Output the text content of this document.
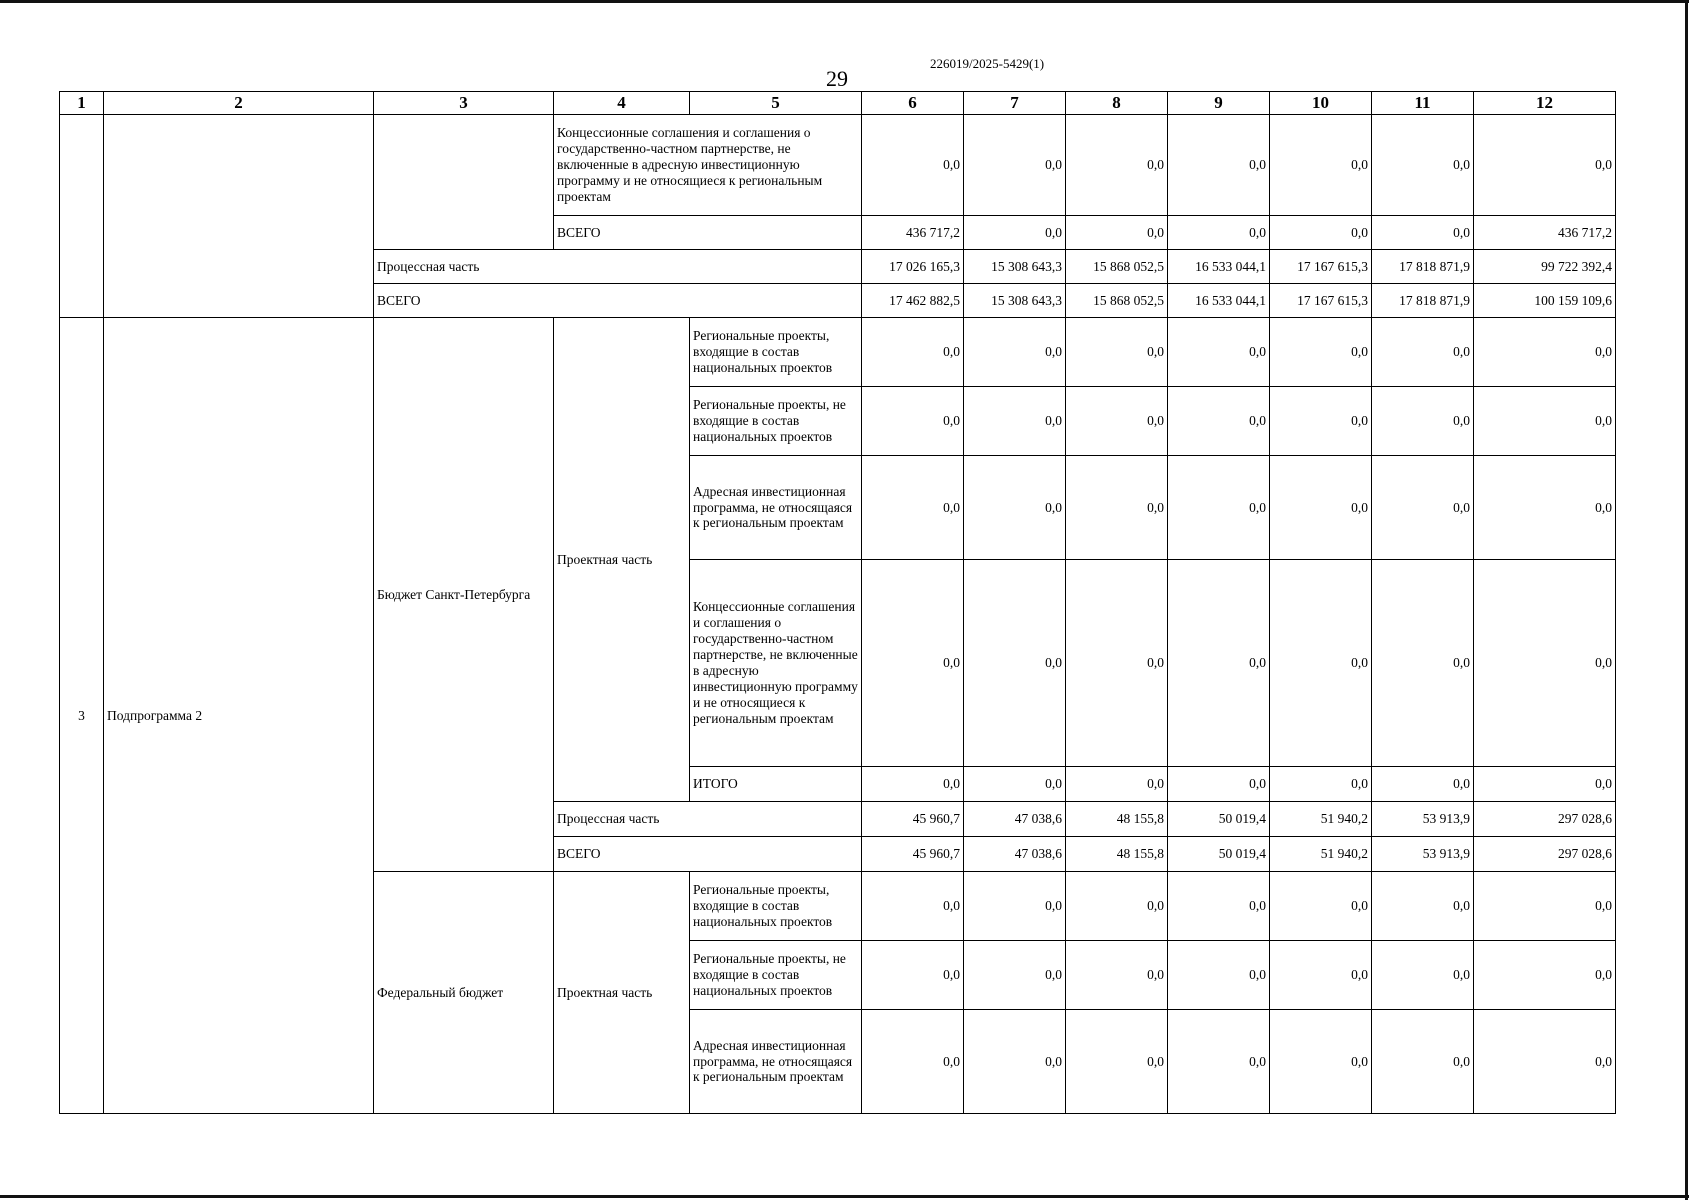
29
226019/2025-5429(1)
1	2	3	4	5	6	7	8	9	10	11	12
			Концессионные соглашения и соглашения о государственно-частном партнерстве, не включенные в адресную инвестиционную программу и не относящиеся к региональным проектам		0,0	0,0	0,0	0,0	0,0	0,0	0,0
			ВСЕГО		436 717,2	0,0	0,0	0,0	0,0	0,0	436 717,2
		Процессная часть			17 026 165,3	15 308 643,3	15 868 052,5	16 533 044,1	17 167 615,3	17 818 871,9	99 722 392,4
		ВСЕГО			17 462 882,5	15 308 643,3	15 868 052,5	16 533 044,1	17 167 615,3	17 818 871,9	100 159 109,6
3	Подпрограмма 2	Бюджет Санкт-Петербурга	Проектная часть	Региональные проекты, входящие в состав национальных проектов	0,0	0,0	0,0	0,0	0,0	0,0	0,0
				Региональные проекты, не входящие в состав национальных проектов	0,0	0,0	0,0	0,0	0,0	0,0	0,0
				Адресная инвестиционная программа, не относящаяся к региональным проектам	0,0	0,0	0,0	0,0	0,0	0,0	0,0
				Концессионные соглашения и соглашения о государственно-частном партнерстве, не включенные в адресную инвестиционную программу и не относящиеся к региональным проектам	0,0	0,0	0,0	0,0	0,0	0,0	0,0
				ИТОГО	0,0	0,0	0,0	0,0	0,0	0,0	0,0
			Процессная часть		45 960,7	47 038,6	48 155,8	50 019,4	51 940,2	53 913,9	297 028,6
			ВСЕГО		45 960,7	47 038,6	48 155,8	50 019,4	51 940,2	53 913,9	297 028,6
		Федеральный бюджет	Проектная часть	Региональные проекты, входящие в состав национальных проектов	0,0	0,0	0,0	0,0	0,0	0,0	0,0
				Региональные проекты, не входящие в состав национальных проектов	0,0	0,0	0,0	0,0	0,0	0,0	0,0
				Адресная инвестиционная программа, не относящаяся к региональным проектам	0,0	0,0	0,0	0,0	0,0	0,0	0,0
